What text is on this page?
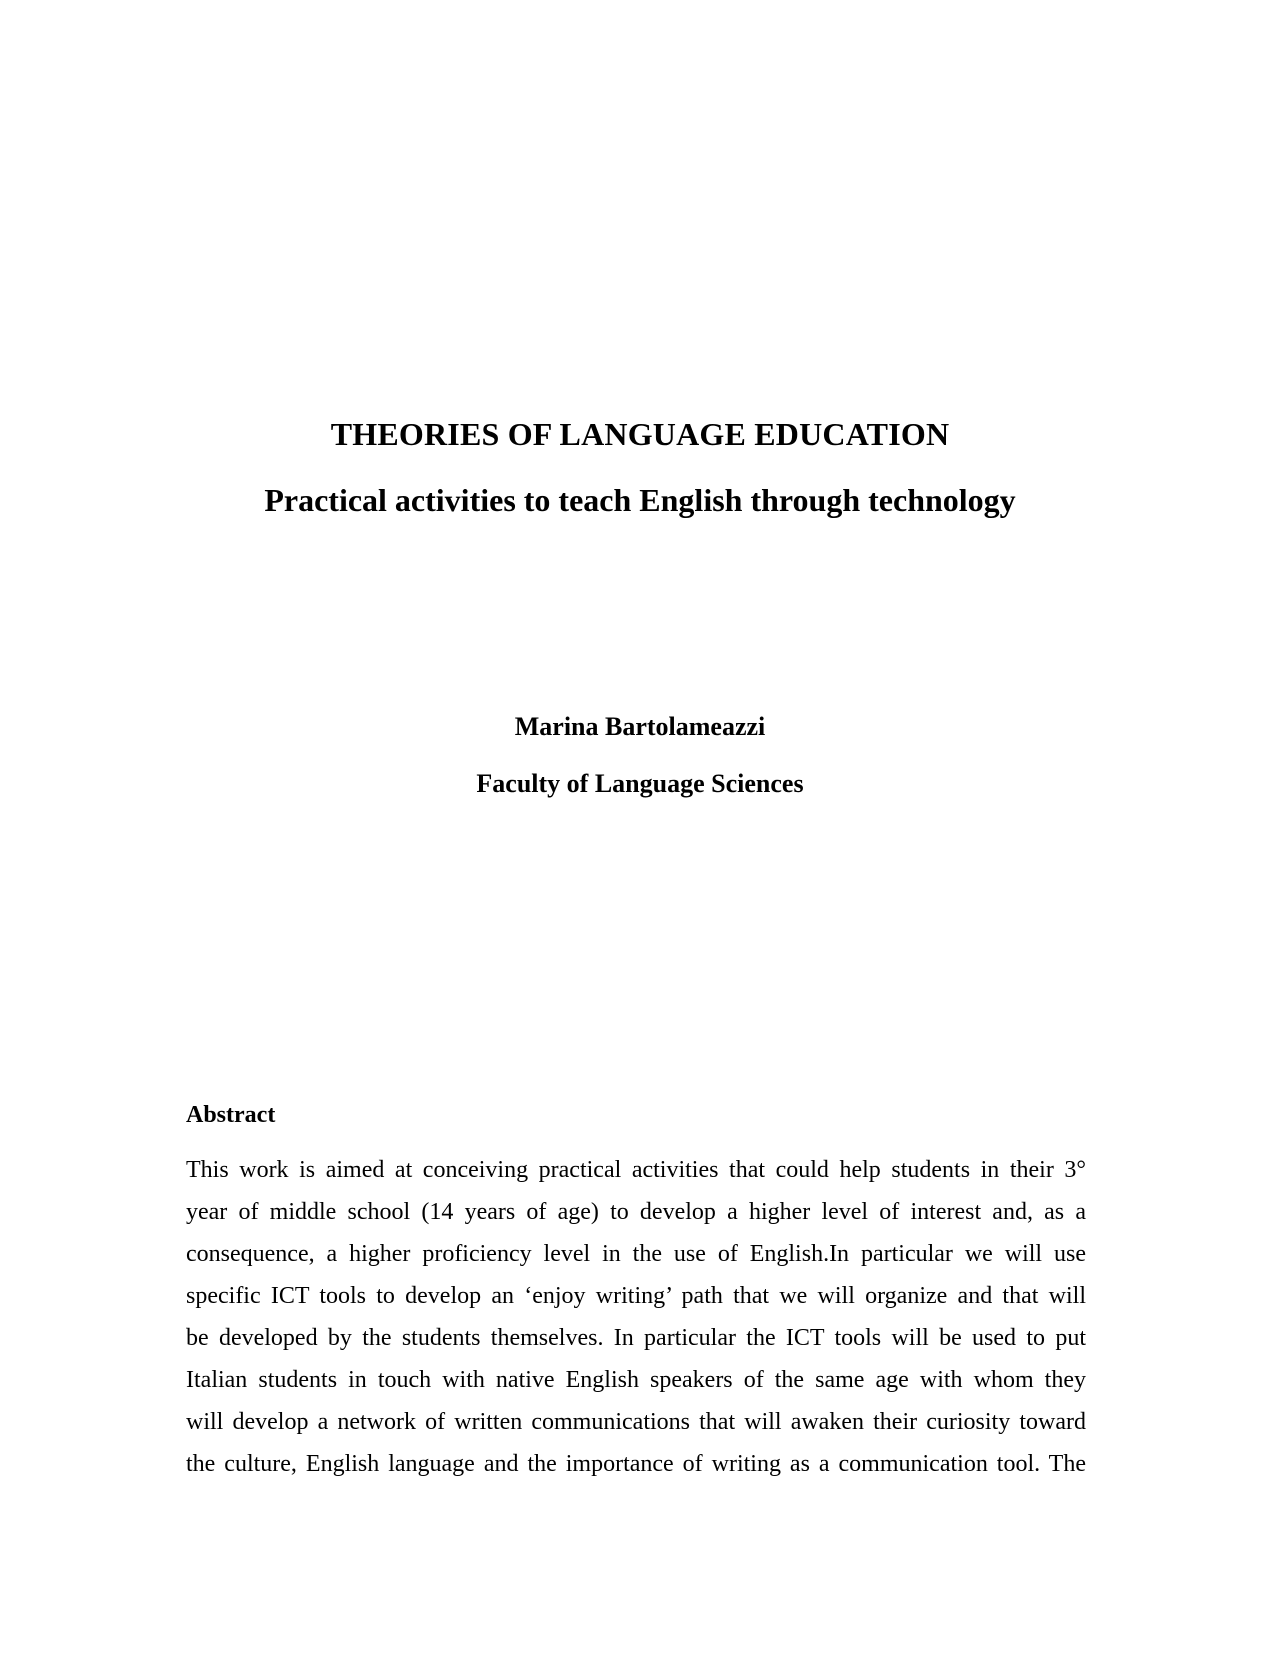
THEORIES OF LANGUAGE EDUCATION
Practical activities to teach English through technology
Marina Bartolameazzi
Faculty of Language Sciences
Abstract
This work is aimed at conceiving practical activities that could help students in their 3°
year of middle school (14 years of age) to develop a higher level of interest and, as a
consequence, a higher proficiency level in the use of English.In particular we will use
specific ICT tools to develop an ‘enjoy writing’ path that we will organize and that will
be developed by the students themselves. In particular the ICT tools will be used to put
Italian students in touch with native English speakers of the same age with whom they
will develop a network of written communications that will awaken their curiosity toward
the culture, English language and the importance of writing as a communication tool. The
